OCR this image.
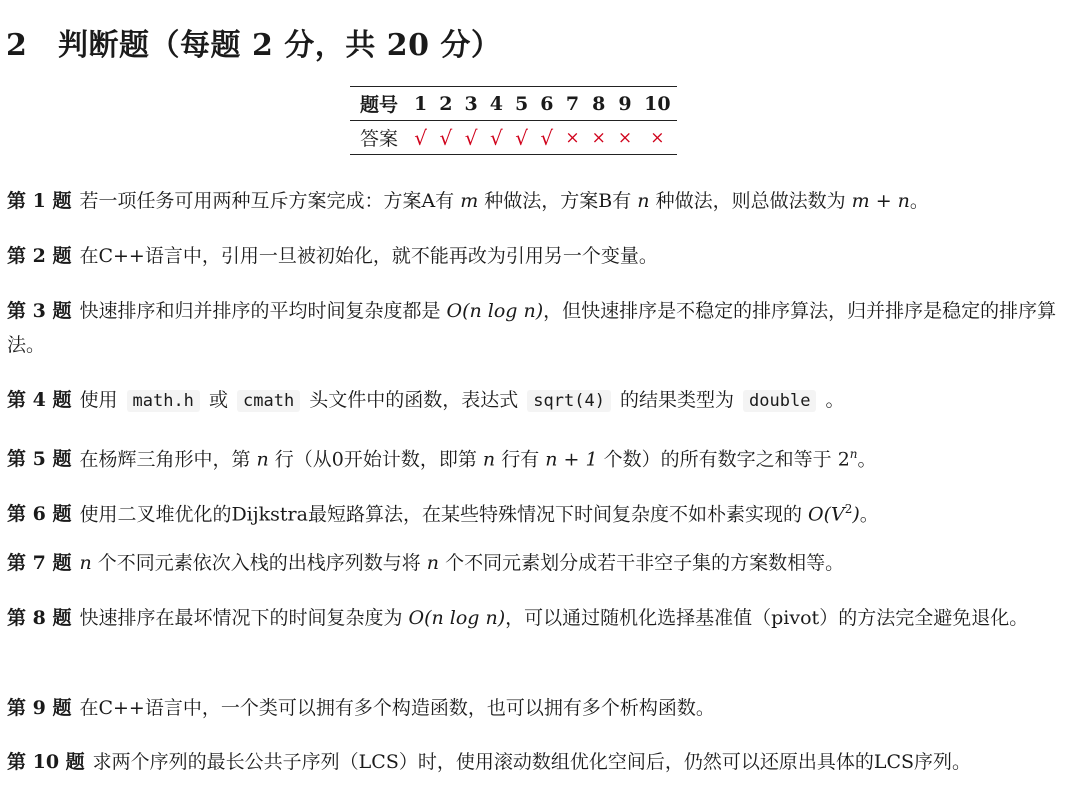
2 判断题（每题 2 分，共 20 分）
题号	1	2	3	4	5	6	7	8	9	10
答案	√	√	√	√	√	√	×	×	×	×
第 1 题 若一项任务可用两种互斥方案完成：方案A有 m 种做法，方案B有 n 种做法，则总做法数为 m + n。
第 2 题 在C++语言中，引用一旦被初始化，就不能再改为引用另一个变量。
第 3 题 快速排序和归并排序的平均时间复杂度都是 O(n log n)，但快速排序是不稳定的排序算法，归并排序是稳定的排序算法。
第 4 题 使用 math.h 或 cmath 头文件中的函数，表达式 sqrt(4) 的结果类型为 double 。
第 5 题 在杨辉三角形中，第 n 行（从0开始计数，即第 n 行有 n + 1 个数）的所有数字之和等于 2$^n$。
第 6 题 使用二叉堆优化的Dijkstra最短路算法，在某些特殊情况下时间复杂度不如朴素实现的 $O(V^2)$。
第 7 题 n 个不同元素依次入栈的出栈序列数与将 n 个不同元素划分成若干非空子集的方案数相等。
第 8 题 快速排序在最坏情况下的时间复杂度为 O(n log n)，可以通过随机化选择基准值（pivot）的方法完全避免退化。
第 9 题 在C++语言中，一个类可以拥有多个构造函数，也可以拥有多个析构函数。
第 10 题 求两个序列的最长公共子序列（LCS）时，使用滚动数组优化空间后，仍然可以还原出具体的LCS序列。
